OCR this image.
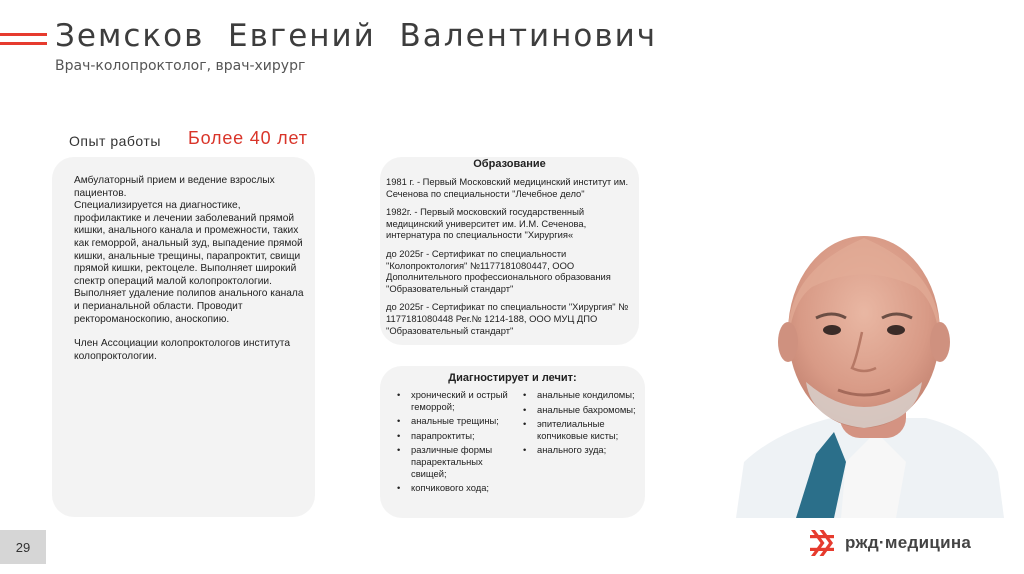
Земсков  Евгений  Валентинович
Врач-колопроктолог, врач-хирург
Опыт работы Более 40 лет

Амбулаторный прием и ведение взрослых пациентов.

Специализируется на диагностике, профилактике и лечении заболеваний прямой кишки, анального канала и промежности, таких как геморрой, анальный зуд, выпадение прямой кишки, анальные трещины, парапроктит, свищи прямой кишки, ректоцеле. Выполняет широкий спектр операций малой колопроктологии. Выполняет удаление полипов анального канала и перианальной области. Проводит ректороманоскопию, аноскопию.

Член Ассоциации колопроктологов института колопроктологии.

Образование

1981 г. - Первый Московский медицинский институт им. Сеченова по специальности "Лечебное дело"

1982г. - Первый московский государственный медицинский университет им. И.М. Сеченова, интернатура по специальности "Хирургия«

до 2025г - Сертификат по специальности "Колопроктология" №1177181080447, ООО Дополнительного профессионального образования "Образовательный стандарт"

до 2025г - Сертификат по специальности "Хирургия" № 1177181080448 Рег.№ 1214-188, ООО МУЦ ДПО "Образовательный стандарт"

Диагностирует и лечит:
• хронический и острый геморрой;
• анальные трещины;
• парапроктиты;
• различные формы параректальных свищей;
• копчикового хода;
• анальные кондиломы;
• анальные бахромомы;
• эпителиальные копчиковые кисты;
• анального зуда;
29	ржд·медицина
